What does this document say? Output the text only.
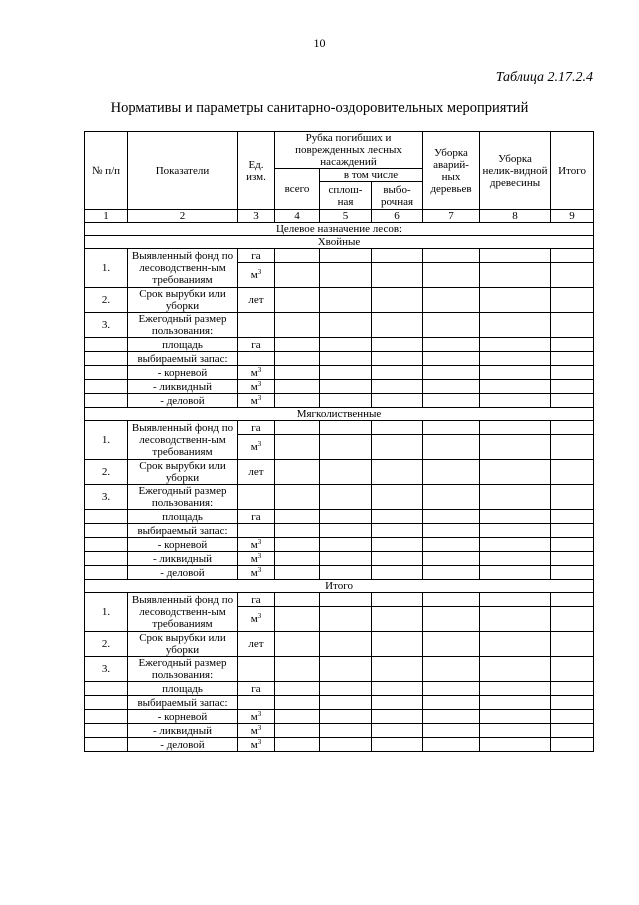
10
Таблица 2.17.2.4
Нормативы и параметры санитарно-оздоровительных мероприятий
№ п/п	Показатели	Ед. изм.	Рубка погибших и поврежденных лесных насаждений			Уборка аварий-ных деревьев	Уборка нелик-видной древесины	Итого
			всего	в том числе				
				сплош-ная	выбо-рочная			
1	2	3	4	5	6	7	8	9
Целевое назначение лесов:								
Хвойные								
1.	Выявленный фонд по лесоводственн-ым требованиям	га						
		$м^3$						
2.	Срок вырубки или уборки	лет						
3.	Ежегодный размер пользования:							
	площадь	га						
	выбираемый запас:							
	- корневой	$м^3$						
	- ликвидный	$м^3$						
	- деловой	$м^3$						
Мягколиственные								
1.	Выявленный фонд по лесоводственн-ым требованиям	га						
		$м^3$						
2.	Срок вырубки или уборки	лет						
3.	Ежегодный размер пользования:							
	площадь	га						
	выбираемый запас:							
	- корневой	$м^3$						
	- ликвидный	$м^3$						
	- деловой	$м^3$						
Итого								
1.	Выявленный фонд по лесоводственн-ым требованиям	га						
		$м^3$						
2.	Срок вырубки или уборки	лет						
3.	Ежегодный размер пользования:							
	площадь	га						
	выбираемый запас:							
	- корневой	$м^3$						
	- ликвидный	$м^3$						
	- деловой	$м^3$						
